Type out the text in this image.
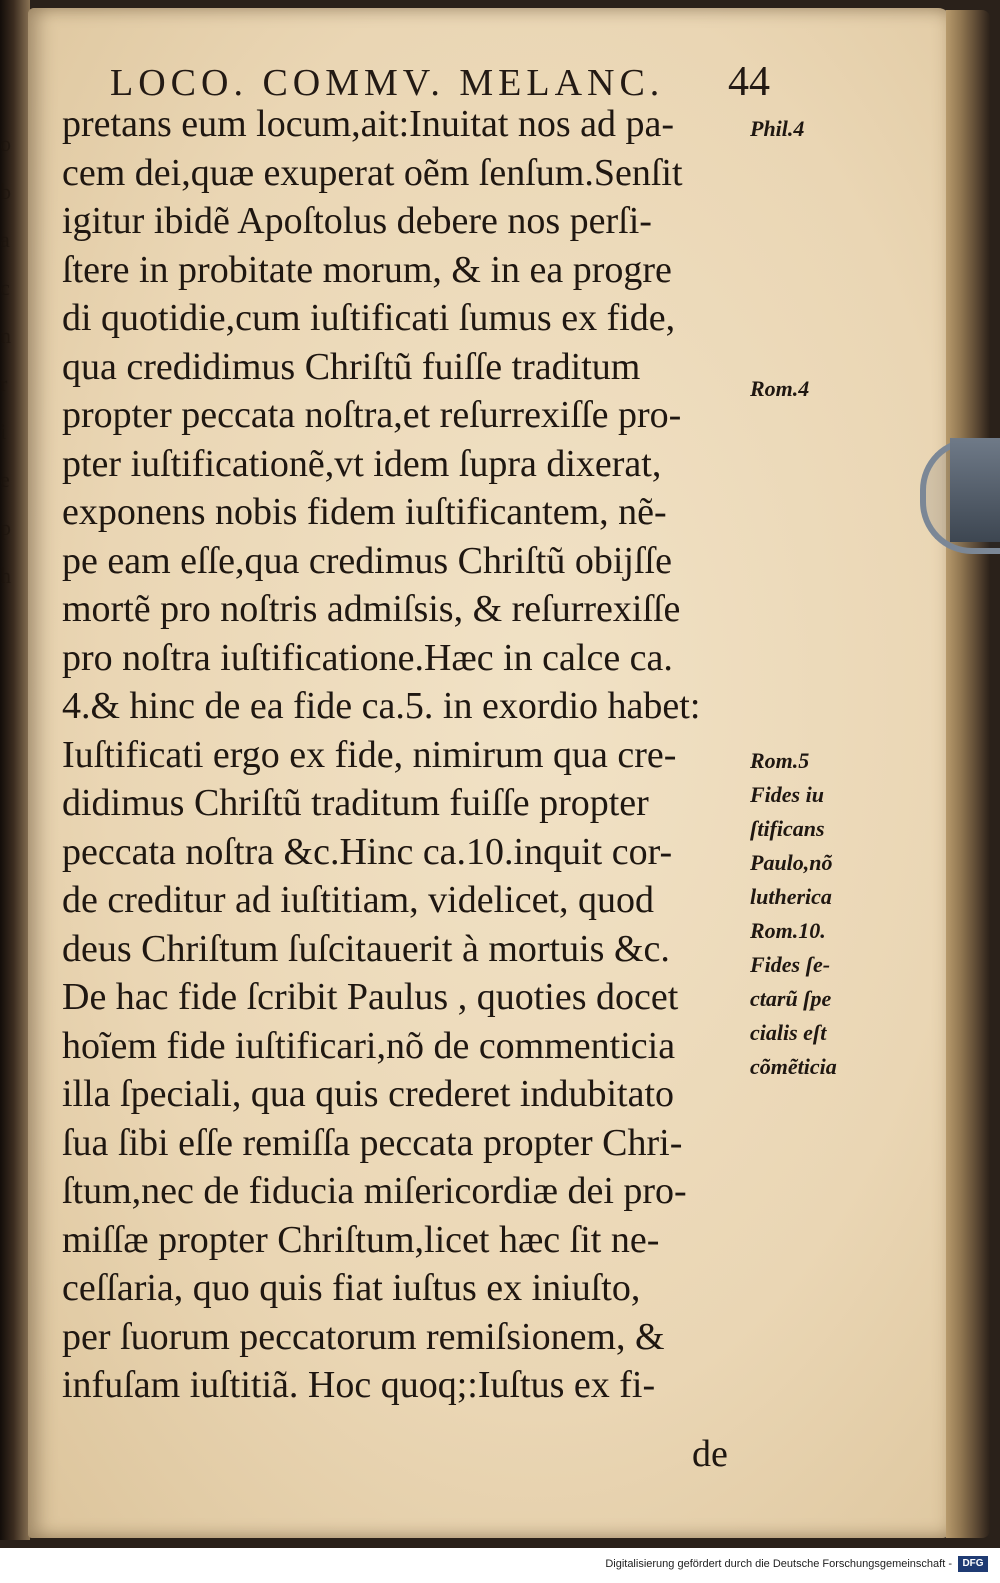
o
b
a
c
n
r
i
e
p
h
LOCO. COMMV. MELANC. 44
pretans eum locum,ait:Inuitat nos ad pa-
cem dei,quæ exuperat oẽm ſenſum.Senſit
igitur ibidẽ Apoſtolus debere nos perſi-
ſtere in probitate morum, & in ea progre
di quotidie,cum iuſtificati ſumus ex fide,
qua credidimus Chriſtũ fuiſſe traditum
propter peccata noſtra,et reſurrexiſſe pro-
pter iuſtificationẽ,vt idem ſupra dixerat,
exponens nobis fidem iuſtificantem, nẽ-
pe eam eſſe,qua credimus Chriſtũ obijſſe
mortẽ pro noſtris admiſsis, & reſurrexiſſe
pro noſtra iuſtificatione.Hæc in calce ca.
4.& hinc de ea fide ca.5. in exordio habet:
Iuſtificati ergo ex fide, nimirum qua cre-
didimus Chriſtũ traditum fuiſſe propter
peccata noſtra &c.Hinc ca.10.inquit cor-
de creditur ad iuſtitiam, videlicet, quod
deus Chriſtum ſuſcitauerit à mortuis &c.
De hac fide ſcribit Paulus , quoties docet
hoĩem fide iuſtificari,nõ de commenticia
illa ſpeciali, qua quis crederet indubitato
ſua ſibi eſſe remiſſa peccata propter Chri-
ſtum,nec de fiducia miſericordiæ dei pro-
miſſæ propter Chriſtum,licet hæc ſit ne-
ceſſaria, quo quis fiat iuſtus ex iniuſto,
per ſuorum peccatorum remiſsionem, &
infuſam iuſtitiã. Hoc quoq;:Iuſtus ex fi-
de
Phil.4
Rom.4
Rom.5
Fides iu
ſtificans
Paulo,nõ
lutherica
Rom.10.
Fides ſe-
ctarũ ſpe
cialis eſt
cõmẽticia
Digitalisierung gefördert durch die Deutsche Forschungsgemeinschaft -	DFG
